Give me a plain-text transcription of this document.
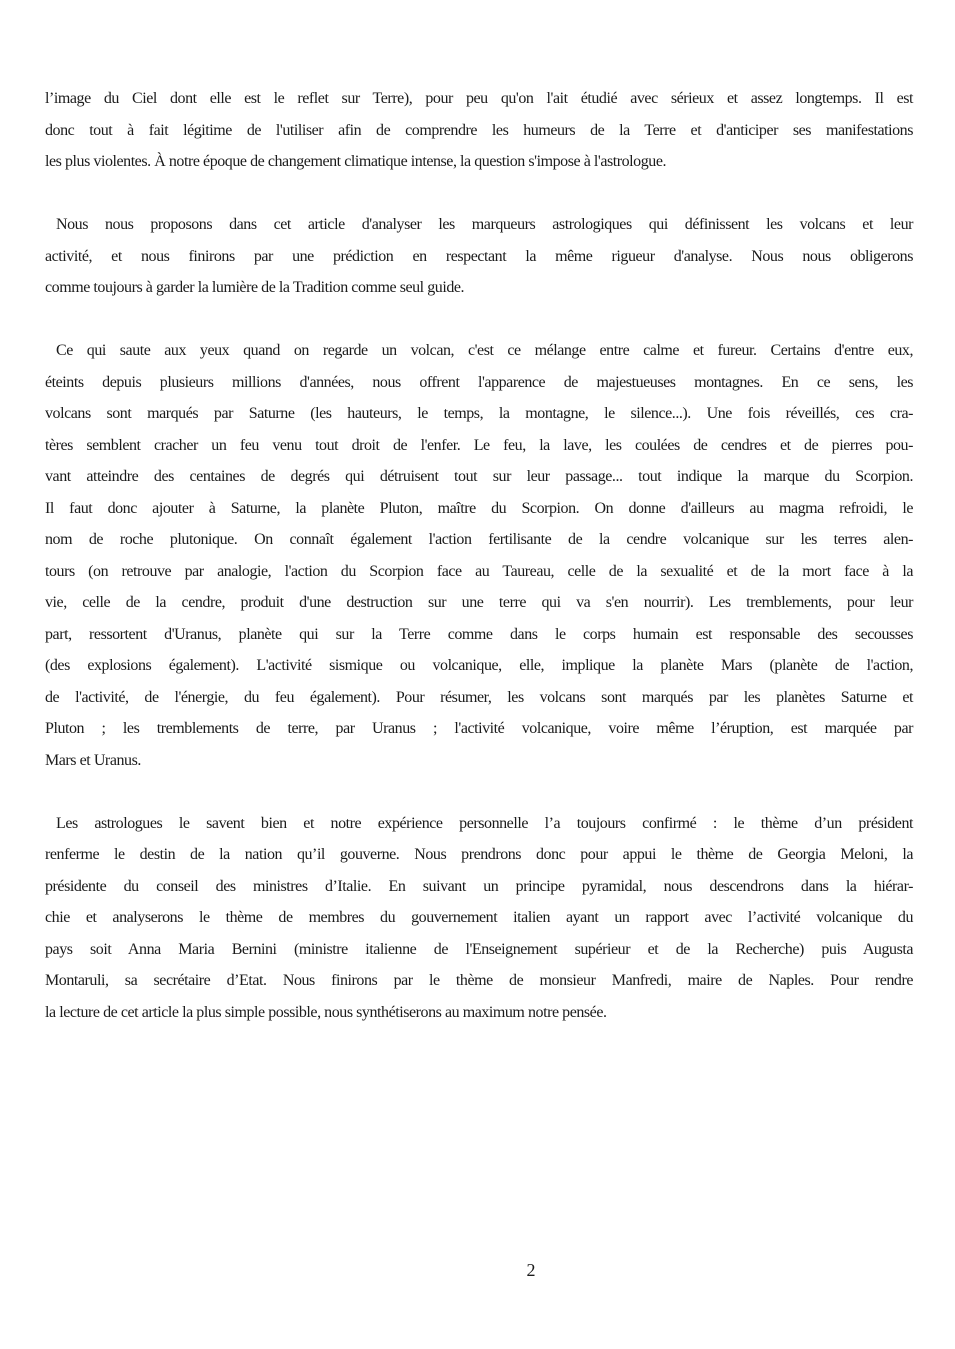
l’image du Ciel dont elle est le reflet sur Terre), pour peu qu'on l'ait étudié avec sérieux et assez longtemps. Il est
donc tout à fait légitime de l'utiliser afin de comprendre les humeurs de la Terre et d'anticiper ses manifestations
les plus violentes. À notre époque de changement climatique intense, la question s'impose à l'astrologue.
Nous nous proposons dans cet article d'analyser les marqueurs astrologiques qui définissent les volcans et leur
activité, et nous finirons par une prédiction en respectant la même rigueur d'analyse. Nous nous obligerons
comme toujours à garder la lumière de la Tradition comme seul guide.
Ce qui saute aux yeux quand on regarde un volcan, c'est ce mélange entre calme et fureur. Certains d'entre eux,
éteints depuis plusieurs millions d'années, nous offrent l'apparence de majestueuses montagnes. En ce sens, les
volcans sont marqués par Saturne (les hauteurs, le temps, la montagne, le silence...). Une fois réveillés, ces cra-
tères semblent cracher un feu venu tout droit de l'enfer. Le feu, la lave, les coulées de cendres et de pierres pou-
vant atteindre des centaines de degrés qui détruisent tout sur leur passage... tout indique la marque du Scorpion.
Il faut donc ajouter à Saturne, la planète Pluton, maître du Scorpion. On donne d'ailleurs au magma refroidi, le
nom de roche plutonique. On connaît également l'action fertilisante de la cendre volcanique sur les terres alen-
tours (on retrouve par analogie, l'action du Scorpion face au Taureau, celle de la sexualité et de la mort face à la
vie, celle de la cendre, produit d'une destruction sur une terre qui va s'en nourrir). Les tremblements, pour leur
part, ressortent d'Uranus, planète qui sur la Terre comme dans le corps humain est responsable des secousses
(des explosions également). L'activité sismique ou volcanique, elle, implique la planète Mars (planète de l'action,
de l'activité, de l'énergie, du feu également). Pour résumer, les volcans sont marqués par les planètes Saturne et
Pluton ; les tremblements de terre, par Uranus ; l'activité volcanique, voire même l’éruption, est marquée par
Mars et Uranus.
Les astrologues le savent bien et notre expérience personnelle l’a toujours confirmé : le thème d’un président
renferme le destin de la nation qu’il gouverne. Nous prendrons donc pour appui le thème de Georgia Meloni, la
présidente du conseil des ministres d’Italie. En suivant un principe pyramidal, nous descendrons dans la hiérar-
chie et analyserons le thème de membres du gouvernement italien ayant un rapport avec l’activité volcanique du
pays soit Anna Maria Bernini (ministre italienne de l'Enseignement supérieur et de la Recherche) puis Augusta
Montaruli, sa secrétaire d’Etat. Nous finirons par le thème de monsieur Manfredi, maire de Naples. Pour rendre
la lecture de cet article la plus simple possible, nous synthétiserons au maximum notre pensée.
2
